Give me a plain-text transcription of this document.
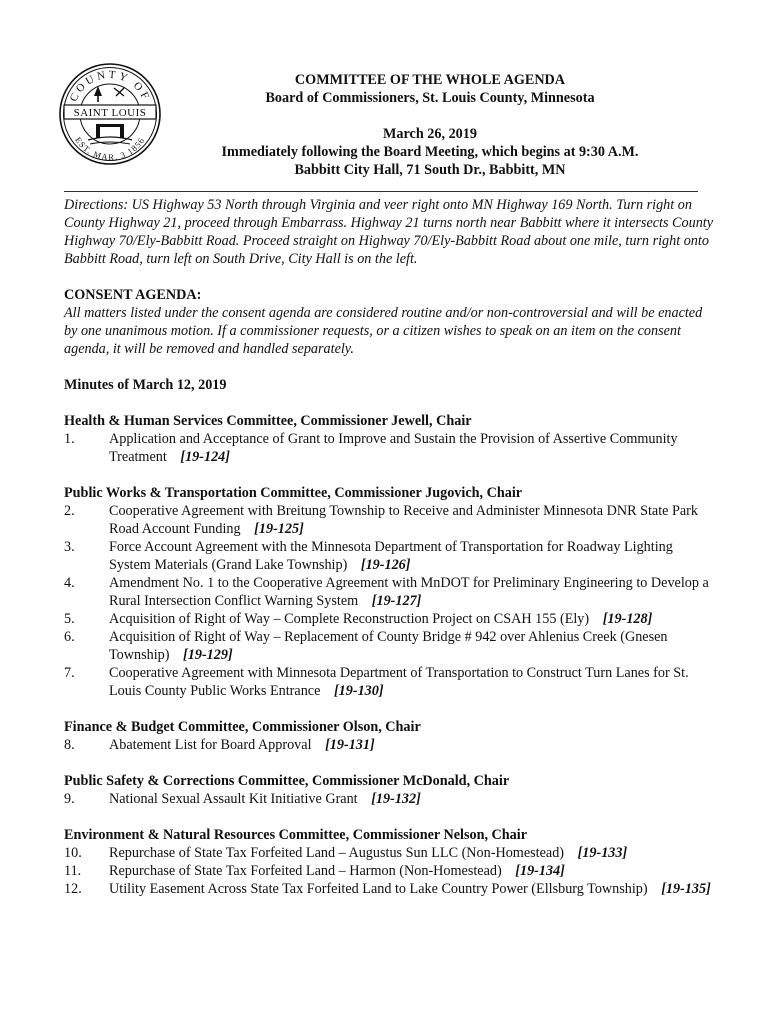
COUNTY OF
EST. MAR. 3 1856
SAINT LOUIS
COMMITTEE OF THE WHOLE AGENDA
Board of Commissioners, St. Louis County, Minnesota
March 26, 2019
Immediately following the Board Meeting, which begins at 9:30 A.M.
Babbitt City Hall, 71 South Dr., Babbitt, MN

Directions: US Highway 53 North through Virginia and veer right onto MN Highway 169 North. Turn right on County Highway 21, proceed through Embarrass. Highway 21 turns north near Babbitt where it intersects County Highway 70/Ely-Babbitt Road. Proceed straight on Highway 70/Ely-Babbitt Road about one mile, turn right onto Babbitt Road, turn left on South Drive, City Hall is on the left.

CONSENT AGENDA:

All matters listed under the consent agenda are considered routine and/or non-controversial and will be enacted by one unanimous motion. If a commissioner requests, or a citizen wishes to speak on an item on the consent agenda, it will be removed and handled separately.

Minutes of March 12, 2019

Health & Human Services Committee, Commissioner Jewell, Chair

1.	Application and Acceptance of Grant to Improve and Sustain the Provision of Assertive Community Treatment [19-124]

Public Works & Transportation Committee, Commissioner Jugovich, Chair

2.	Cooperative Agreement with Breitung Township to Receive and Administer Minnesota DNR State Park Road Account Funding [19-125]
3.	Force Account Agreement with the Minnesota Department of Transportation for Roadway Lighting System Materials (Grand Lake Township) [19-126]
4.	Amendment No. 1 to the Cooperative Agreement with MnDOT for Preliminary Engineering to Develop a Rural Intersection Conflict Warning System [19-127]
5.	Acquisition of Right of Way – Complete Reconstruction Project on CSAH 155 (Ely) [19-128]
6.	Acquisition of Right of Way – Replacement of County Bridge # 942 over Ahlenius Creek (Gnesen Township) [19-129]
7.	Cooperative Agreement with Minnesota Department of Transportation to Construct Turn Lanes for St. Louis County Public Works Entrance [19-130]

Finance & Budget Committee, Commissioner Olson, Chair

8.	Abatement List for Board Approval [19-131]

Public Safety & Corrections Committee, Commissioner McDonald, Chair

9.	National Sexual Assault Kit Initiative Grant [19-132]

Environment & Natural Resources Committee, Commissioner Nelson, Chair

10.	Repurchase of State Tax Forfeited Land – Augustus Sun LLC (Non-Homestead) [19-133]
11.	Repurchase of State Tax Forfeited Land – Harmon (Non-Homestead) [19-134]
12.	Utility Easement Across State Tax Forfeited Land to Lake Country Power (Ellsburg Township) [19-135]
